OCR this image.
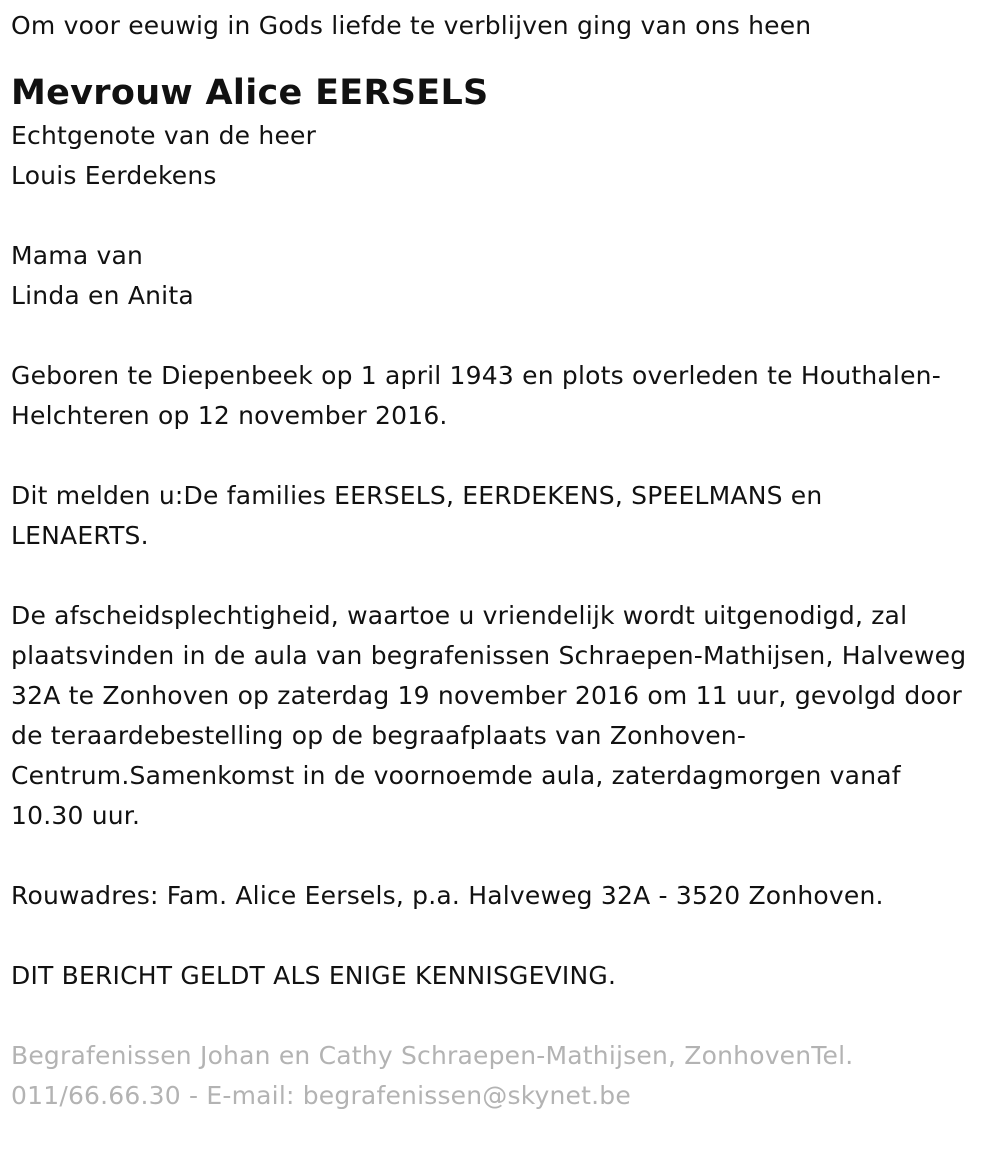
Om voor eeuwig in Gods liefde te verblijven ging van ons heen

Mevrouw Alice EERSELS

Echtgenote van de heer

Louis Eerdekens

Mama van

Linda en Anita

Geboren te Diepenbeek op 1 april 1943 en plots overleden te Houthalen-Helchteren op 12 november 2016.

Dit melden u:De families EERSELS, EERDEKENS, SPEELMANS en LENAERTS.

De afscheidsplechtigheid, waartoe u vriendelijk wordt uitgenodigd, zal plaatsvinden in de aula van begrafenissen Schraepen-Mathijsen, Halveweg 32A te Zonhoven op zaterdag 19 november 2016 om 11 uur, gevolgd door de teraardebestelling op de begraafplaats van Zonhoven-Centrum.Samenkomst in de voornoemde aula, zaterdagmorgen vanaf 10.30 uur.

Rouwadres: Fam. Alice Eersels, p.a. Halveweg 32A - 3520 Zonhoven.

DIT BERICHT GELDT ALS ENIGE KENNISGEVING.

Begrafenissen Johan en Cathy Schraepen-Mathijsen, ZonhovenTel. 011/66.66.30 - E-mail: begrafenissen@skynet.be
